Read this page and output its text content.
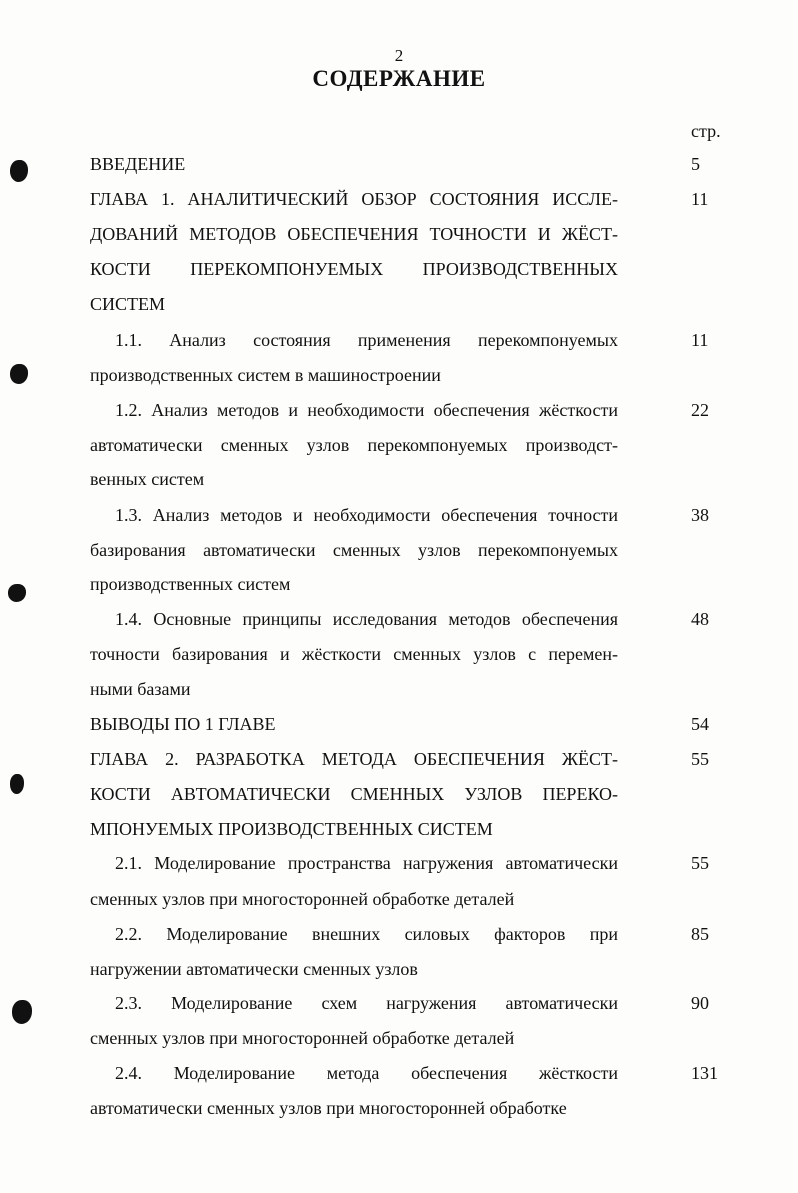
2
СОДЕРЖАНИЕ
стр.
ВВЕДЕНИЕ	5
ГЛАВА 1. АНАЛИТИЧЕСКИЙ ОБЗОР СОСТОЯНИЯ ИССЛЕ-
ДОВАНИЙ МЕТОДОВ ОБЕСПЕЧЕНИЯ ТОЧНОСТИ И ЖЁСТ-
КОСТИ ПЕРЕКОМПОНУЕМЫХ ПРОИЗВОДСТВЕННЫХ
СИСТЕМ
11
1.1. Анализ состояния применения перекомпонуемых
производственных систем в машиностроении
11
1.2. Анализ методов и необходимости обеспечения жёсткости
автоматически сменных узлов перекомпонуемых производст-
венных систем
22
1.3. Анализ методов и необходимости обеспечения точности
базирования автоматически сменных узлов перекомпонуемых
производственных систем
38
1.4. Основные принципы исследования методов обеспечения
точности базирования и жёсткости сменных узлов с перемен-
ными базами
48
ВЫВОДЫ ПО 1 ГЛАВЕ	54
ГЛАВА 2. РАЗРАБОТКА МЕТОДА ОБЕСПЕЧЕНИЯ ЖЁСТ-
КОСТИ АВТОМАТИЧЕСКИ СМЕННЫХ УЗЛОВ ПЕРЕКО-
МПОНУЕМЫХ ПРОИЗВОДСТВЕННЫХ СИСТЕМ
55
2.1. Моделирование пространства нагружения автоматически
сменных узлов при многосторонней обработке деталей
55
2.2. Моделирование внешних силовых факторов при
нагружении автоматически сменных узлов
85
2.3. Моделирование схем нагружения автоматически
сменных узлов при многосторонней обработке деталей
90
2.4. Моделирование метода обеспечения жёсткости
автоматически сменных узлов при многосторонней обработке
131
